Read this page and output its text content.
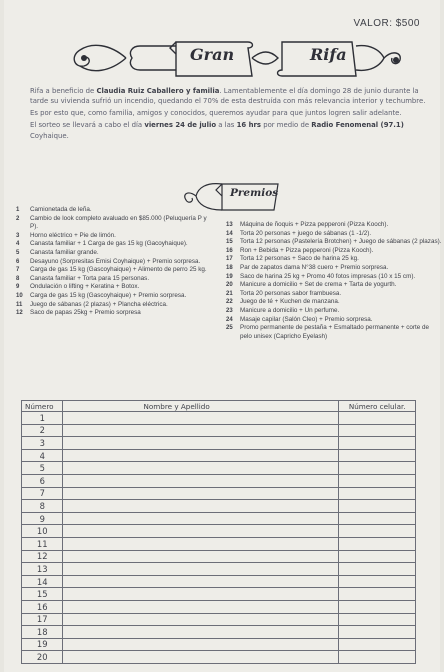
VALOR: $500
Gran	Rifa

Rifa a beneficio de Claudia Ruiz Caballero y familia. Lamentablemente el día domingo 28 de junio durante la tarde su vivienda sufrió un incendio, quedando el 70% de esta destruída con más relevancia interior y techumbre.

Es por esto que, como familia, amigos y conocidos, queremos ayudar para que juntos logren salir adelante.

El sorteo se llevará a cabo el día viernes 24 de julio a las 16 hrs por medio de Radio Fenomenal (97.1) Coyhaique.

Premios
1	Camionetada de leña.
2	Cambio de look completo avaluado en $85.000 (Peluquería P y P).
3	Horno eléctrico + Pie de limón.
4	Canasta familiar + 1 Carga de gas 15 kg (Gacoyhaique).
5	Canasta familiar grande.
6	Desayuno (Sorpresitas Emisi Coyhaique) + Premio sorpresa.
7	Carga de gas 15 kg (Gascoyhaique) + Alimento de perro 25 kg.
8	Canasta familiar + Torta para 15 personas.
9	Ondulación o lifting + Keratina + Botox.
10	Carga de gas 15 kg (Gascoyhaique) + Premio sorpresa.
11	Juego de sábanas (2 plazas) + Plancha eléctrica.
12	Saco de papas 25kg + Premio sorpresa
13	Máquina de ñoquis + Pizza pepperoni (Pizza Kooch).
14	Torta 20 personas + juego de sábanas (1 -1/2).
15	Torta 12 personas (Pastelería Brotchen) + Juego de sábanas (2 plazas).
16	Ron + Bebida + Pizza pepperoni (Pizza Kooch).
17	Torta 12 personas + Saco de harina 25 kg.
18	Par de zapatos dama N°38 cuero + Premio sorpresa.
19	Saco de harina 25 kg + Promo 40 fotos impresas (10 x 15 cm).
20	Manicure a domicilio + Set de crema + Tarta de yogurth.
21	Torta 20 personas sabor frambuesa.
22	Juego de té + Kuchen de manzana.
23	Manicure a domicilio + Un perfume.
24	Masaje capilar (Salón Cleo) + Premio sorpresa.
25	Promo permanente de pestaña + Esmaltado permanente + corte de pelo unisex (Capricho Eyelash)
Número	Nombre y Apellido	Número celular.
1		
2		
3		
4		
5		
6		
7		
8		
9		
10		
11		
12		
13		
14		
15		
16		
17		
18		
19		
20		
